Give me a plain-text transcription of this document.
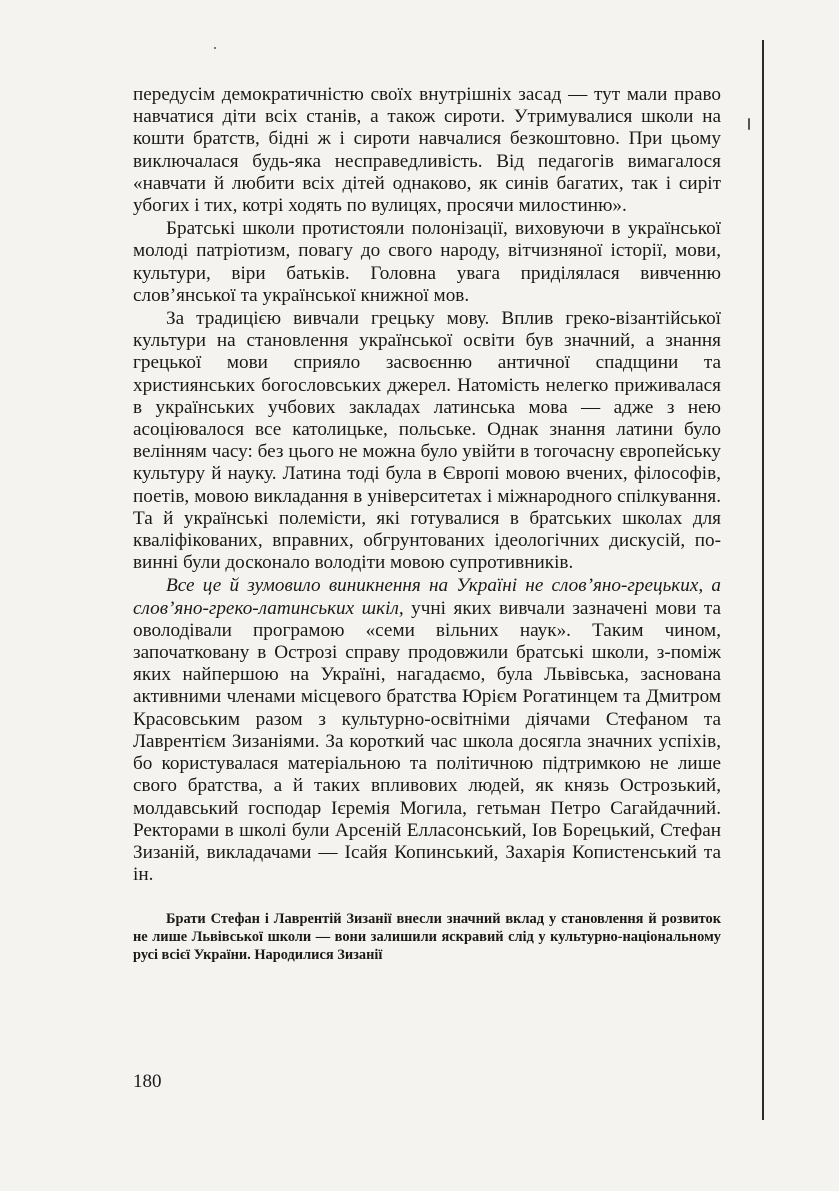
передусім демократичністю своїх внутрішніх засад — тут мали право навчатися діти всіх станів, а також сироти. Утримувалися школи на кошти братств, бідні ж і сироти навчалися безкоштовно. При цьому виключалася будь-яка несправедливість. Від педагогів вимагалося «навчати й любити всіх дітей однаково, як синів багатих, так і сиріт убогих і тих, котрі ходять по вулицях, просячи милостиню».

Братські школи протистояли полонізації, виховуючи в української молоді патріотизм, повагу до свого народу, вітчизняної історії, мови, культури, віри батьків. Головна увага приділялася вивченню слов’янської та української книжної мов.

За традицією вивчали грецьку мову. Вплив греко-візантійської культури на становлення української освіти був значний, а знання грецької мови сприяло засвоєнню античної спадщини та християнських богословських джерел. Натомість нелегко приживалася в українських учбових закладах латинська мова — адже з нею асоціювалося все католицьке, польське. Однак знання латини було велінням часу: без цього не можна було увійти в тогочасну європейську культуру й науку. Латина тоді була в Європі мовою вчених, філософів, поетів, мовою викладання в університетах і міжнародного спілкування. Та й українські полемісти, які готувалися в братських школах для кваліфікованих, вправних, обгрунтованих ідеологічних дискусій, повинні були досконало володіти мовою супротивників.

Все це й зумовило виникнення на Україні не слов’яно-грецьких, а слов’яно-греко-латинських шкіл, учні яких вивчали зазначені мови та оволодівали програмою «семи вільних наук». Таким чином, започатковану в Острозі справу продовжили братські школи, з-поміж яких найпершою на Україні, нагадаємо, була Львівська, заснована активними членами місцевого братства Юрієм Рогатинцем та Дмитром Красовським разом з культурно-освітніми діячами Стефаном та Лаврентієм Зизаніями. За короткий час школа досягла значних успіхів, бо користувалася матеріальною та політичною підтримкою не лише свого братства, а й таких впливових людей, як князь Острозький, молдавський господар Ієремія Могила, гетьман Петро Сагайдачний. Ректорами в школі були Арсеній Елласонський, Іов Борецький, Стефан Зизаній, викладачами — Ісайя Копинський, Захарія Копистенський та ін.

Брати Стефан і Лаврентій Зизанії внесли значний вклад у становлення й розвиток не лише Львівської школи — вони залишили яскравий слід у культурно-національному русі всієї України. Народилися Зизанії

180
